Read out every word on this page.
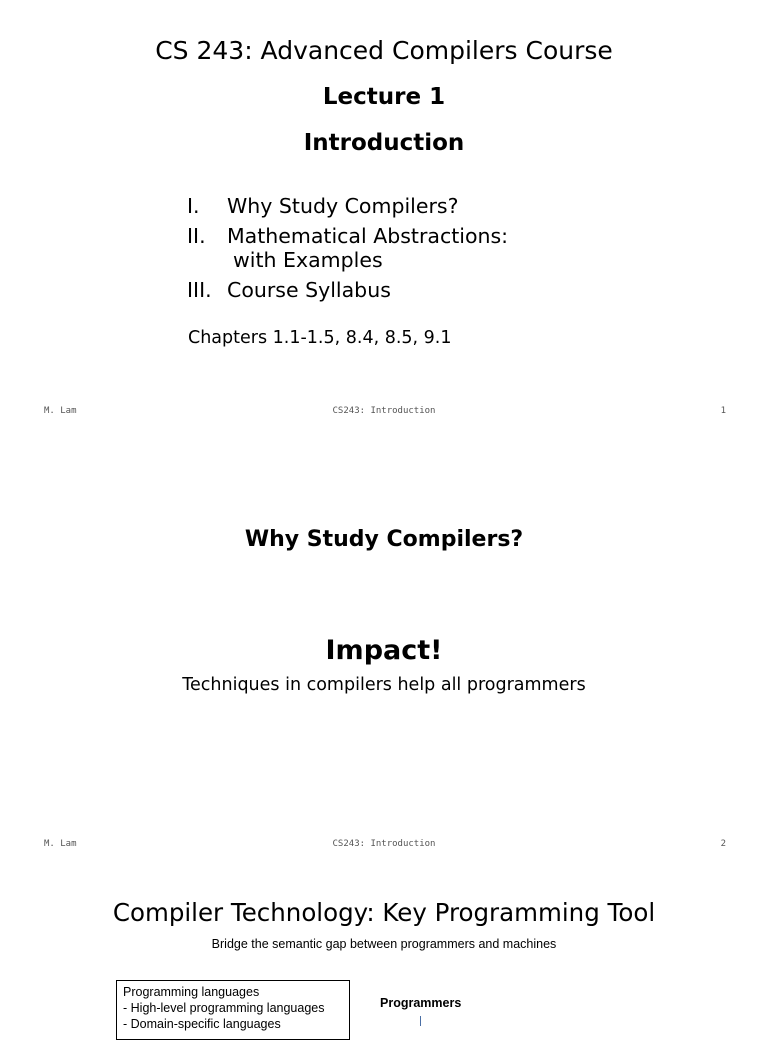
CS 243: Advanced Compilers Course
Lecture 1
Introduction
I. Why Study Compilers?
II. Mathematical Abstractions:
with Examples
III. Course Syllabus
Chapters 1.1-1.5, 8.4, 8.5, 9.1
M. Lam	CS243: Introduction	1
Why Study Compilers?
Impact!
Techniques in compilers help all programmers
M. Lam	CS243: Introduction	2
Compiler Technology: Key Programming Tool
Bridge the semantic gap between programmers and machines
Programming languages
- High-level programming languages
- Domain-specific languages
Programmers
